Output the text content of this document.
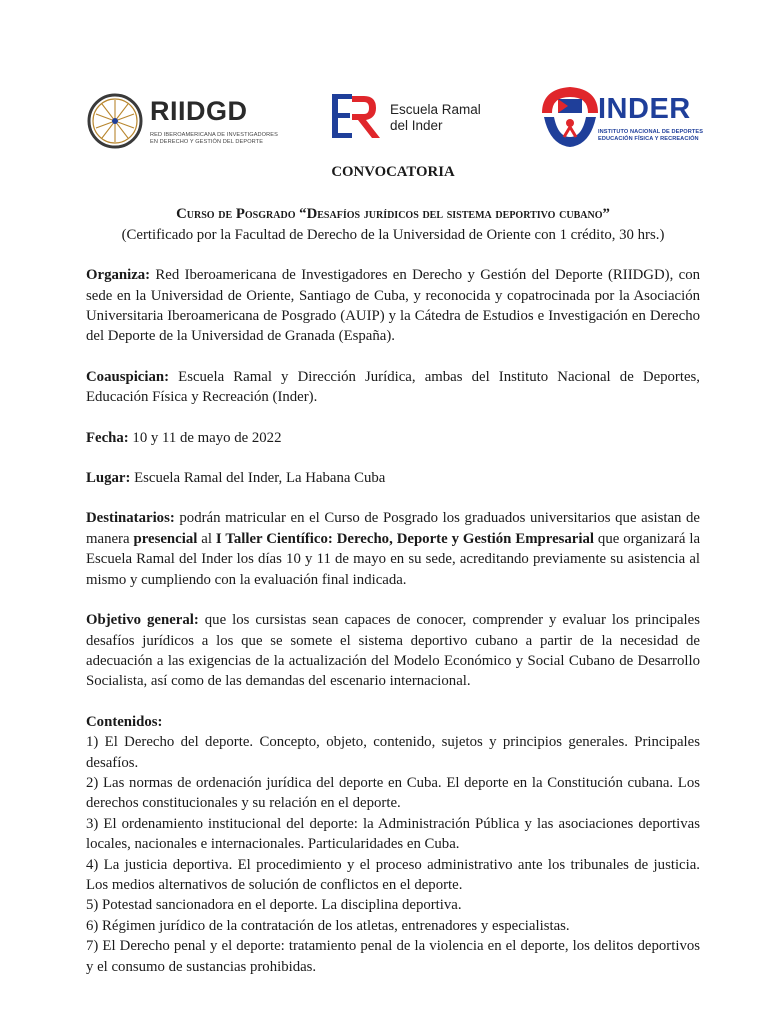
RIIDGD
RED IBEROAMERICANA DE INVESTIGADORES
EN DERECHO Y GESTIÓN DEL DEPORTE
Escuela Ramal
del Inder
INDER
INSTITUTO NACIONAL DE DEPORTES
EDUCACIÓN FÍSICA Y RECREACIÓN
CONVOCATORIA
Curso de Posgrado “Desafíos jurídicos del sistema deportivo cubano”
(Certificado por la Facultad de Derecho de la Universidad de Oriente con 1 crédito, 30 hrs.)

Organiza: Red Iberoamericana de Investigadores en Derecho y Gestión del Deporte (RIIDGD), con sede en la Universidad de Oriente, Santiago de Cuba, y reconocida y copatrocinada por la Asociación Universitaria Iberoamericana de Posgrado (AUIP) y la Cátedra de Estudios e Investigación en Derecho del Deporte de la Universidad de Granada (España).

Coauspician: Escuela Ramal y Dirección Jurídica, ambas del Instituto Nacional de Deportes, Educación Física y Recreación (Inder).

Fecha: 10 y 11 de mayo de 2022

Lugar: Escuela Ramal del Inder, La Habana Cuba

Destinatarios: podrán matricular en el Curso de Posgrado los graduados universitarios que asistan de manera presencial al I Taller Científico: Derecho, Deporte y Gestión Empresarial que organizará la Escuela Ramal del Inder los días 10 y 11 de mayo en su sede, acreditando previamente su asistencia al mismo y cumpliendo con la evaluación final indicada.

Objetivo general: que los cursistas sean capaces de conocer, comprender y evaluar los principales desafíos jurídicos a los que se somete el sistema deportivo cubano a partir de la necesidad de adecuación a las exigencias de la actualización del Modelo Económico y Social Cubano de Desarrollo Socialista, así como de las demandas del escenario internacional.

Contenidos:

1) El Derecho del deporte. Concepto, objeto, contenido, sujetos y principios generales. Principales desafíos.

2) Las normas de ordenación jurídica del deporte en Cuba. El deporte en la Constitución cubana. Los derechos constitucionales y su relación en el deporte.

3) El ordenamiento institucional del deporte: la Administración Pública y las asociaciones deportivas locales, nacionales e internacionales. Particularidades en Cuba.

4) La justicia deportiva. El procedimiento y el proceso administrativo ante los tribunales de justicia. Los medios alternativos de solución de conflictos en el deporte.

5) Potestad sancionadora en el deporte. La disciplina deportiva.

6) Régimen jurídico de la contratación de los atletas, entrenadores y especialistas.

7) El Derecho penal y el deporte: tratamiento penal de la violencia en el deporte, los delitos deportivos y el consumo de sustancias prohibidas.
